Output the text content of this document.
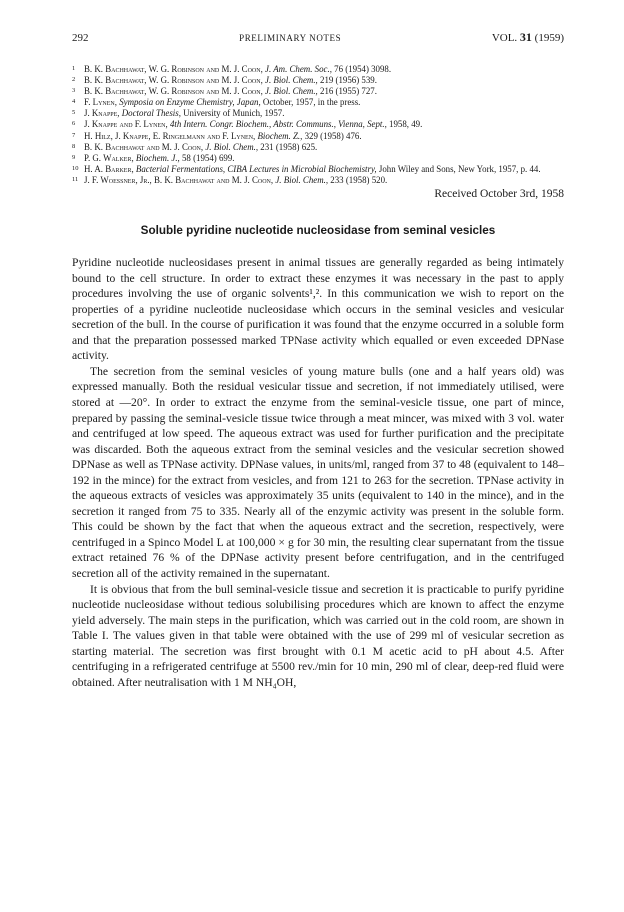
292	PRELIMINARY NOTES	VOL. 31 (1959)
1 B. K. Bachhawat, W. G. Robinson and M. J. Coon, J. Am. Chem. Soc., 76 (1954) 3098.
2 B. K. Bachhawat, W. G. Robinson and M. J. Coon, J. Biol. Chem., 219 (1956) 539.
3 B. K. Bachhawat, W. G. Robinson and M. J. Coon, J. Biol. Chem., 216 (1955) 727.
4 F. Lynen, Symposia on Enzyme Chemistry, Japan, October, 1957, in the press.
5 J. Knappe, Doctoral Thesis, University of Munich, 1957.
6 J. Knappe and F. Lynen, 4th Intern. Congr. Biochem., Abstr. Communs., Vienna, Sept., 1958, 49.
7 H. Hilz, J. Knappe, E. Ringelmann and F. Lynen, Biochem. Z., 329 (1958) 476.
8 B. K. Bachhawat and M. J. Coon, J. Biol. Chem., 231 (1958) 625.
9 P. G. Walker, Biochem. J., 58 (1954) 699.
10 H. A. Barker, Bacterial Fermentations, CIBA Lectures in Microbial Biochemistry, John Wiley and Sons, New York, 1957, p. 44.
11 J. F. Woessner, Jr., B. K. Bachhawat and M. J. Coon, J. Biol. Chem., 233 (1958) 520.
Received October 3rd, 1958
Soluble pyridine nucleotide nucleosidase from seminal vesicles

Pyridine nucleotide nucleosidases present in animal tissues are generally regarded as being intimately bound to the cell structure. In order to extract these enzymes it was necessary in the past to apply procedures involving the use of organic solvents¹,². In this communication we wish to report on the properties of a pyridine nucleotide nucleosidase which occurs in the seminal vesicles and vesicular secretion of the bull. In the course of purification it was found that the enzyme occurred in a soluble form and that the preparation possessed marked TPNase activity which equalled or even exceeded DPNase activity.

The secretion from the seminal vesicles of young mature bulls (one and a half years old) was expressed manually. Both the residual vesicular tissue and secretion, if not immediately utilised, were stored at —20°. In order to extract the enzyme from the seminal-vesicle tissue, one part of mince, prepared by passing the seminal-vesicle tissue twice through a meat mincer, was mixed with 3 vol. water and centrifuged at low speed. The aqueous extract was used for further purification and the precipitate was discarded. Both the aqueous extract from the seminal vesicles and the vesicular secretion showed DPNase as well as TPNase activity. DPNase values, in units/ml, ranged from 37 to 48 (equivalent to 148–192 in the mince) for the extract from vesicles, and from 121 to 263 for the secretion. TPNase activity in the aqueous extracts of vesicles was approximately 35 units (equivalent to 140 in the mince), and in the secretion it ranged from 75 to 335. Nearly all of the enzymic activity was present in the soluble form. This could be shown by the fact that when the aqueous extract and the secretion, respectively, were centrifuged in a Spinco Model L at 100,000 × g for 30 min, the resulting clear supernatant from the tissue extract retained 76 % of the DPNase activity present before centrifugation, and in the centrifuged secretion all of the activity remained in the supernatant.

It is obvious that from the bull seminal-vesicle tissue and secretion it is practicable to purify pyridine nucleotide nucleosidase without tedious solubilising procedures which are known to affect the enzyme yield adversely. The main steps in the purification, which was carried out in the cold room, are shown in Table I. The values given in that table were obtained with the use of 299 ml of vesicular secretion as starting material. The secretion was first brought with 0.1 M acetic acid to pH about 4.5. After centrifuging in a refrigerated centrifuge at 5500 rev./min for 10 min, 290 ml of clear, deep-red fluid were obtained. After neutralisation with 1 M NH₄OH,
